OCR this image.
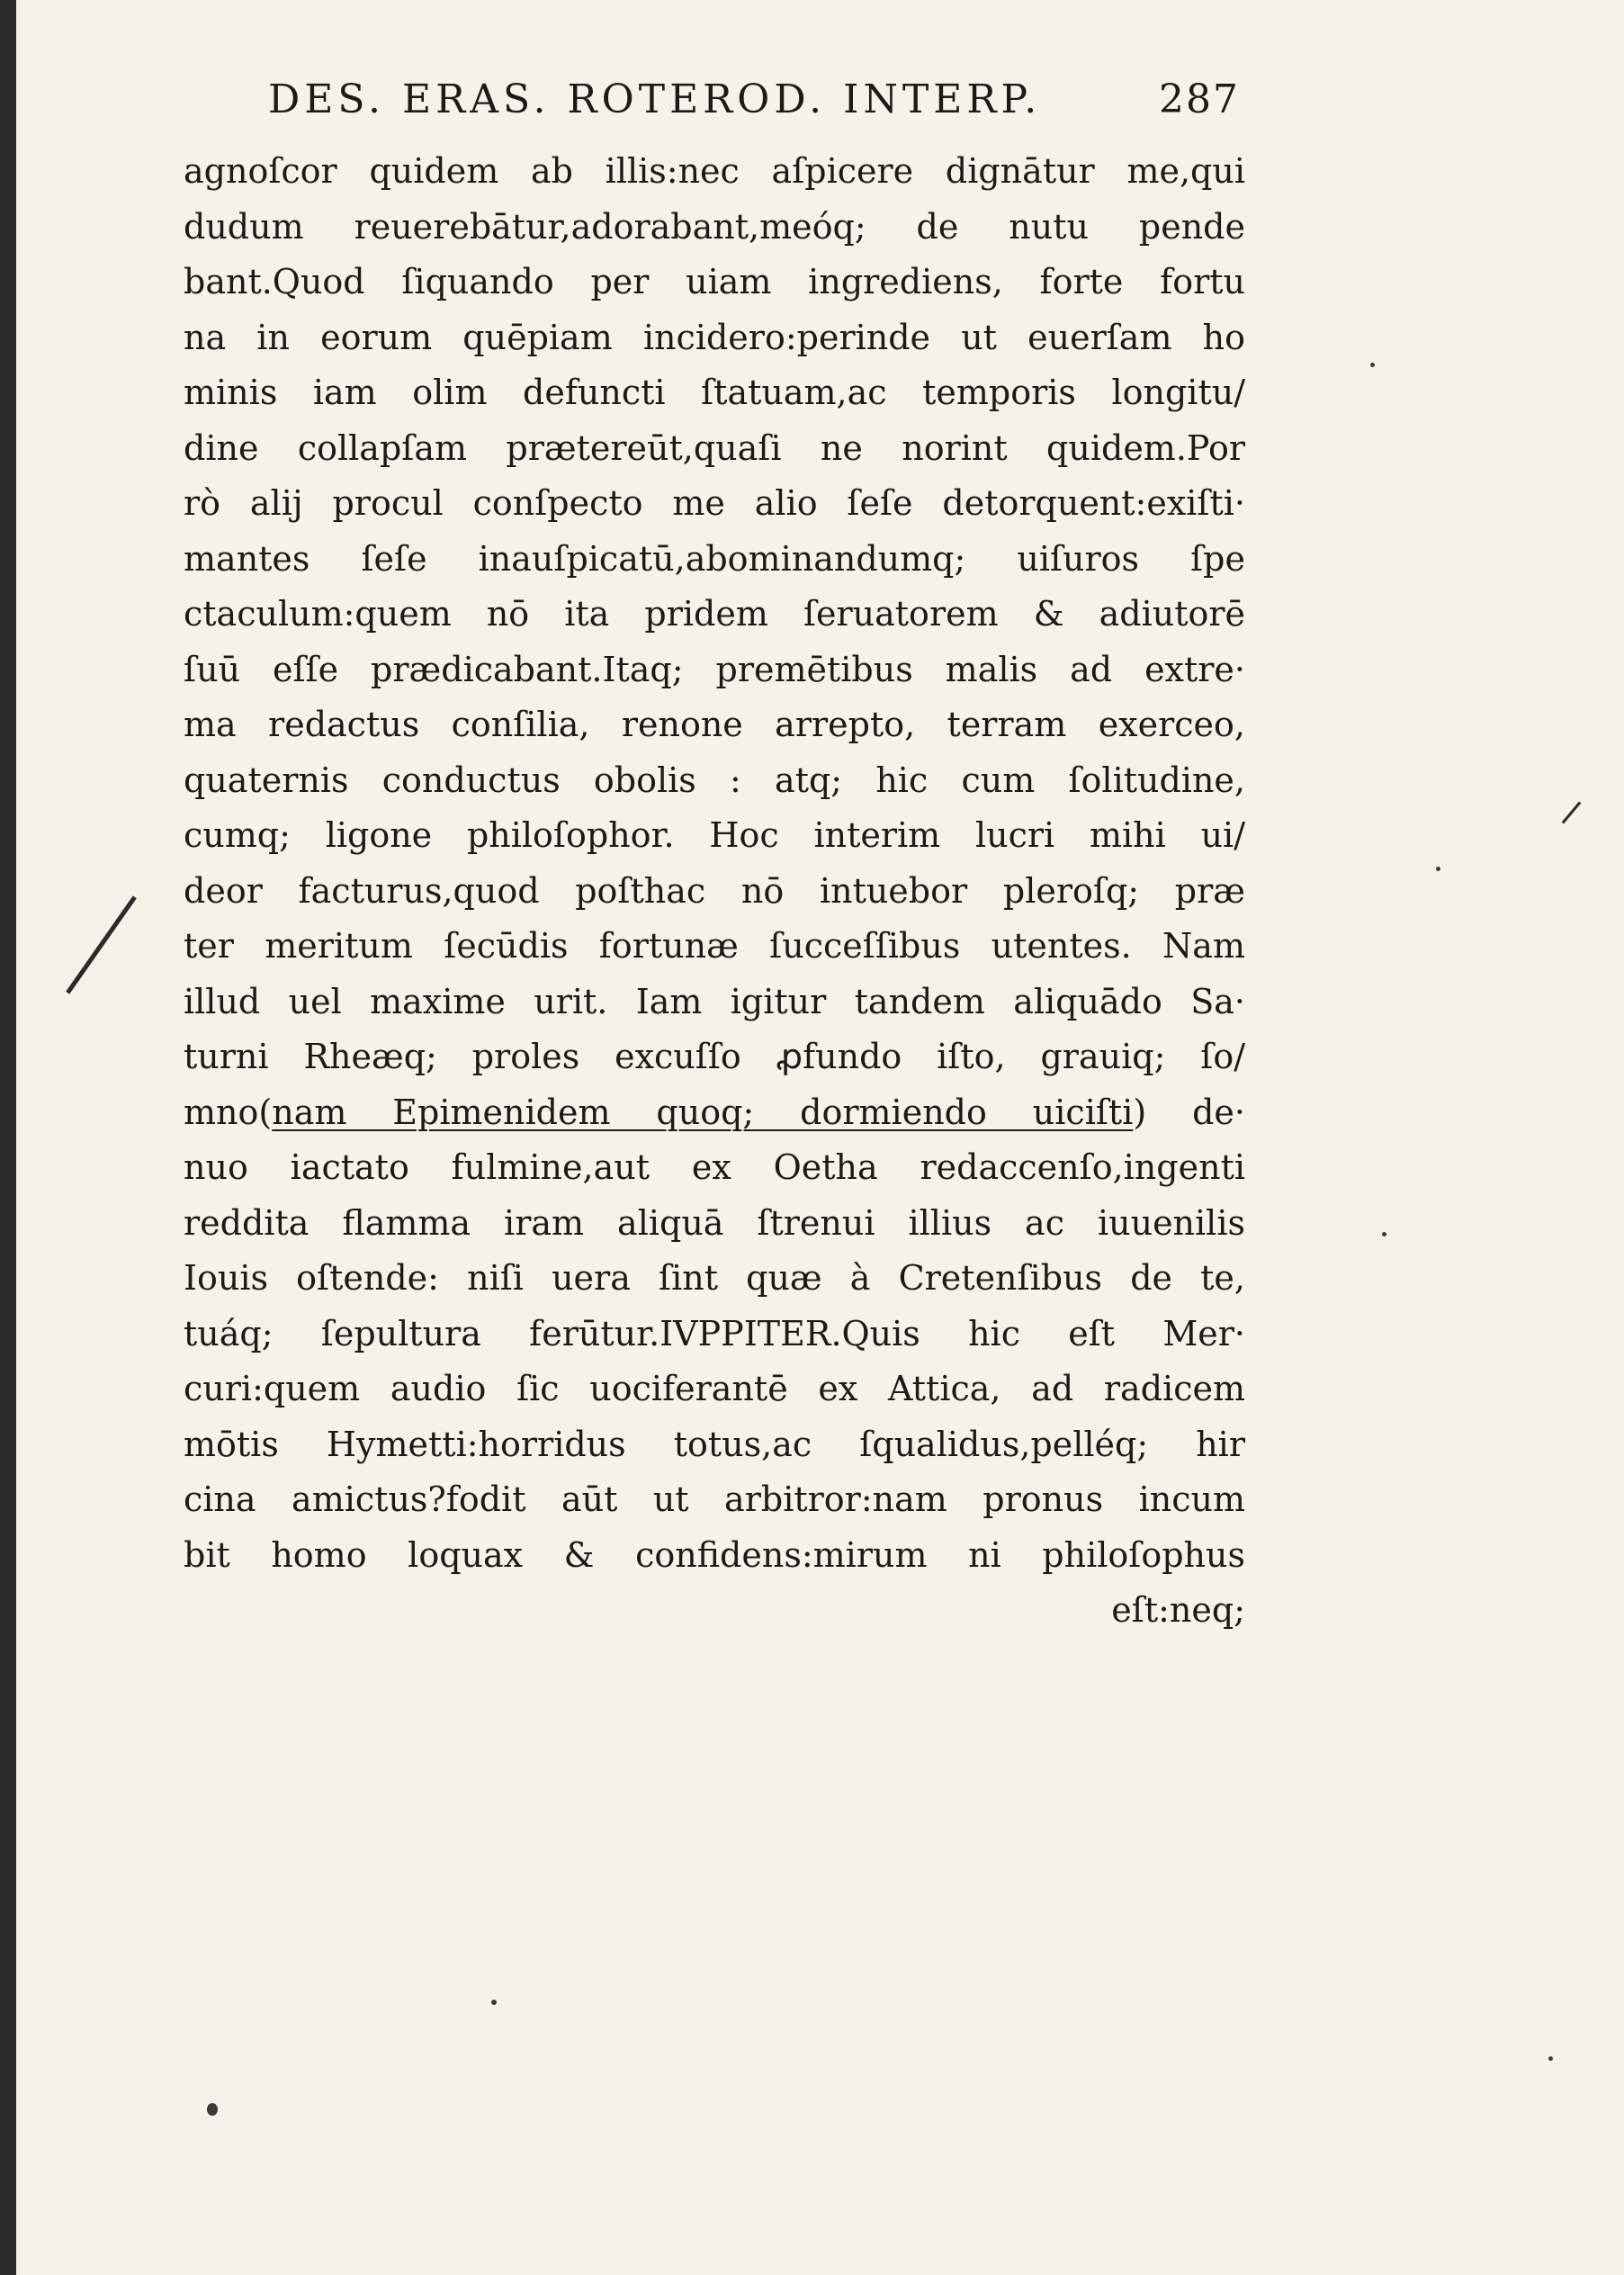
DES. ERAS. ROTEROD. INTERP.	287
agnoſcor quidem ab illis:nec aſpicere dignātur me,qui
dudum reuerebātur,adorabant,meóq; de nutu pende
bant.Quod ſiquando per uiam ingrediens, forte fortu
na in eorum quēpiam incidero:perinde ut euerſam ho
minis iam olim defuncti ſtatuam,ac temporis longitu/
dine collapſam prætereūt,quaſi ne norint quidem.Por
rò alij procul conſpecto me alio ſeſe detorquent:exiſti·
mantes ſeſe inauſpicatū,abominandumq; uiſuros ſpe
ctaculum:quem nō ita pridem ſeruatorem & adiutorē
ſuū eſſe prædicabant.Itaq; premētibus malis ad extre·
ma redactus conſilia, renone arrepto, terram exerceo,
quaternis conductus obolis : atq; hic cum ſolitudine,
cumq; ligone philoſophor. Hoc interim lucri mihi ui/
deor facturus,quod poſthac nō intuebor pleroſq; præ
ter meritum ſecūdis fortunæ ſucceſſibus utentes. Nam
illud uel maxime urit. Iam igitur tandem aliquādo Sa·
turni Rheæq; proles excuſſo ꝓfundo iſto, grauiq; ſo/
mno(nam Epimenidem quoq; dormiendo uiciſti) de·
nuo iactato fulmine,aut ex Oetha redaccenſo,ingenti
reddita flamma iram aliquā ſtrenui illius ac iuuenilis
Iouis oſtende: niſi uera ſint quæ à Cretenſibus de te,
tuáq; ſepultura ferūtur.IVPPITER.Quis hic eſt Mer·
curi:quem audio ſic uociferantē ex Attica, ad radicem
mōtis Hymetti:horridus totus,ac ſqualidus,pelléq; hir
cina amictus?fodit aūt ut arbitror:nam pronus incum
bit homo loquax & confidens:mirum ni philoſophus
eſt:neq;
